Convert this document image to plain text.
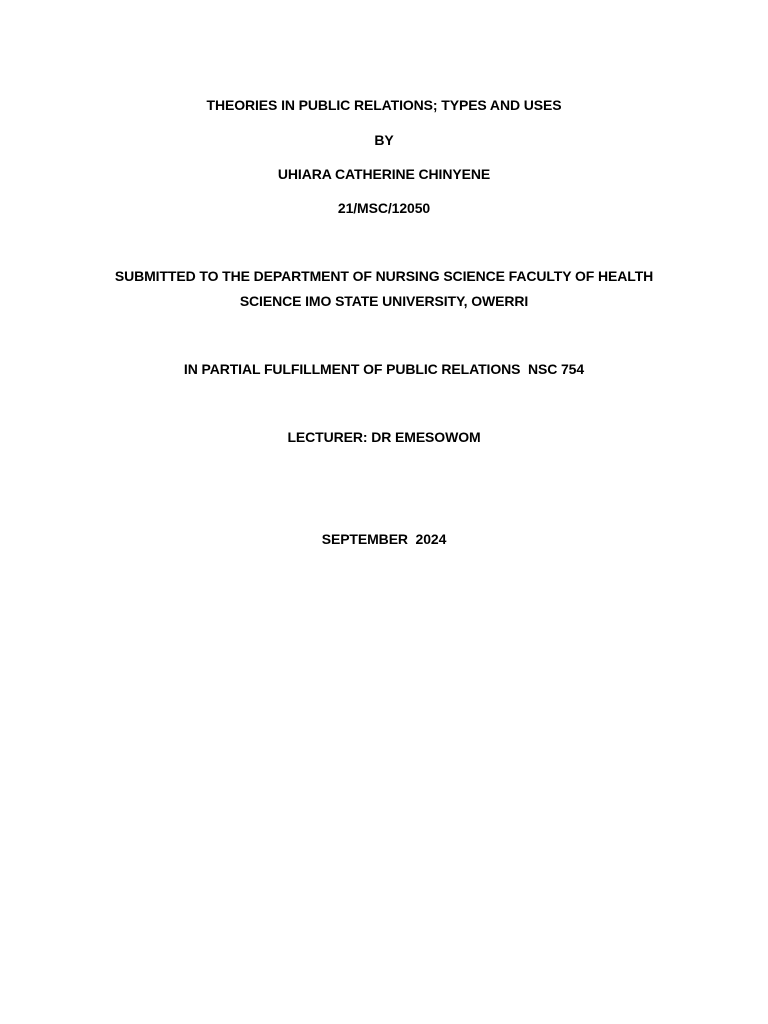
THEORIES IN PUBLIC RELATIONS; TYPES AND USES
BY
UHIARA CATHERINE CHINYENE
21/MSC/12050
SUBMITTED TO THE DEPARTMENT OF NURSING SCIENCE FACULTY OF HEALTH
SCIENCE IMO STATE UNIVERSITY, OWERRI
IN PARTIAL FULFILLMENT OF PUBLIC RELATIONS  NSC 754
LECTURER: DR EMESOWOM
SEPTEMBER  2024
